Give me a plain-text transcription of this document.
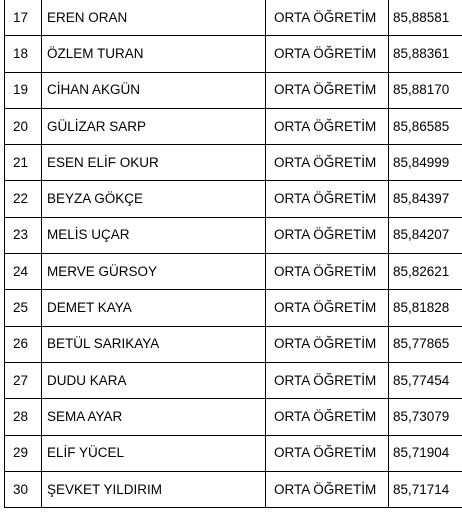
17	EREN ORAN	ORTA ÖĞRETİM	85,88581
18	ÖZLEM TURAN	ORTA ÖĞRETİM	85,88361
19	CİHAN AKGÜN	ORTA ÖĞRETİM	85,88170
20	GÜLİZAR SARP	ORTA ÖĞRETİM	85,86585
21	ESEN ELİF OKUR	ORTA ÖĞRETİM	85,84999
22	BEYZA GÖKÇE	ORTA ÖĞRETİM	85,84397
23	MELİS UÇAR	ORTA ÖĞRETİM	85,84207
24	MERVE GÜRSOY	ORTA ÖĞRETİM	85,82621
25	DEMET KAYA	ORTA ÖĞRETİM	85,81828
26	BETÜL SARIKAYA	ORTA ÖĞRETİM	85,77865
27	DUDU KARA	ORTA ÖĞRETİM	85,77454
28	SEMA AYAR	ORTA ÖĞRETİM	85,73079
29	ELİF YÜCEL	ORTA ÖĞRETİM	85,71904
30	ŞEVKET YILDIRIM	ORTA ÖĞRETİM	85,71714
